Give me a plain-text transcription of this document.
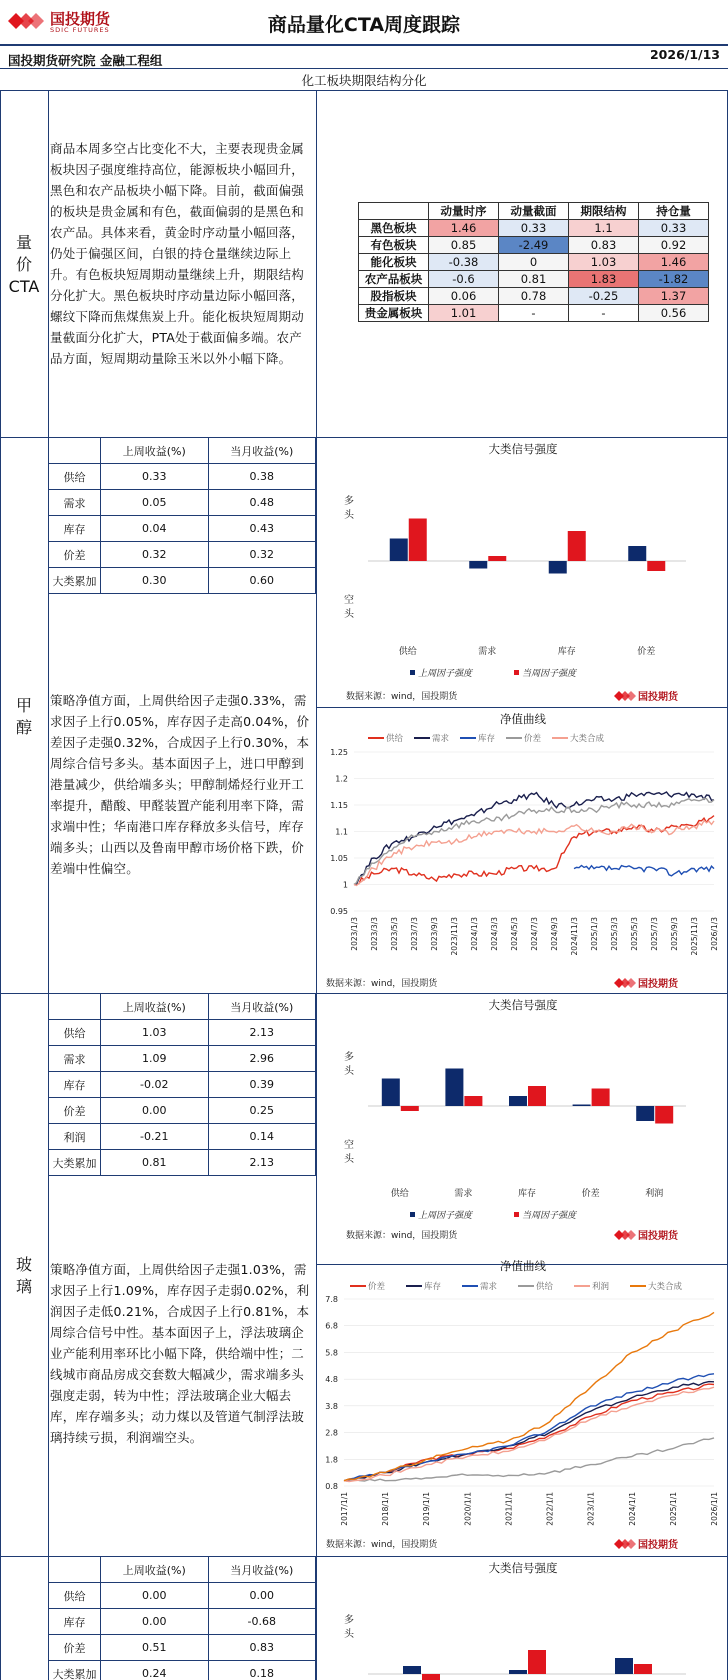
国投期货
SDIC FUTURES	商品量化CTA周度跟踪
国投期货研究院 金融工程组	2026/1/13
化工板块期限结构分化
量
价
CTA
商品本周多空占比变化不大，主要表现贵金属板块因子强度维持高位，能源板块小幅回升，黑色和农产品板块小幅下降。目前，截面偏强的板块是贵金属和有色，截面偏弱的是黑色和农产品。具体来看，黄金时序动量小幅回落，仍处于偏强区间，白银的持仓量继续边际上升。有色板块短周期动量继续上升，期限结构分化扩大。黑色板块时序动量边际小幅回落，螺纹下降而焦煤焦炭上升。能化板块短周期动量截面分化扩大，PTA处于截面偏多端。农产品方面，短周期动量除玉米以外小幅下降。
	动量时序	动量截面	期限结构	持仓量
黑色板块	1.46	0.33	1.1	0.33
有色板块	0.85	-2.49	0.83	0.92
能化板块	-0.38	0	1.03	1.46
农产品板块	-0.6	0.81	1.83	-1.82
股指板块	0.06	0.78	-0.25	1.37
贵金属板块	1.01	-	-	0.56
	上周收益(%)	当月收益(%)
供给	0.33	0.38
需求	0.05	0.48
库存	0.04	0.43
价差	0.32	0.32
大类累加	0.30	0.60
甲
醇
策略净值方面，上周供给因子走强0.33%，需求因子上行0.05%，库存因子走高0.04%，价差因子走强0.32%，合成因子上行0.30%，本周综合信号多头。基本面因子上，进口甲醇到港量减少，供给端多头；甲醇制烯烃行业开工率提升，醋酸、甲醛装置产能利用率下降，需求端中性；华南港口库存释放多头信号，库存端多头；山西以及鲁南甲醇市场价格下跌，价差端中性偏空。
大类信号强度
多
头
空
头
供给	需求	库存	价差
上周因子强度	当周因子强度
数据来源：wind，国投期货	国投期货
净值曲线
0.95
1
1.05
1.1
1.15
1.2
1.25
2023/1/3 2023/3/3 2023/5/3 2023/7/3 2023/9/3 2023/11/3 2024/1/3 2024/3/3 2024/5/3 2024/7/3 2024/9/3 2024/11/3 2025/1/3 2025/3/3 2025/5/3 2025/7/3 2025/9/3 2025/11/3 2026/1/3
供给	需求	库存	价差	大类合成
数据来源：wind，国投期货	国投期货
	上周收益(%)	当月收益(%)
供给	1.03	2.13
需求	1.09	2.96
库存	-0.02	0.39
价差	0.00	0.25
利润	-0.21	0.14
大类累加	0.81	2.13
玻
璃
策略净值方面，上周供给因子走强1.03%，需求因子上行1.09%，库存因子走弱0.02%，利润因子走低0.21%，合成因子上行0.81%，本周综合信号中性。基本面因子上，浮法玻璃企业产能利用率环比小幅下降，供给端中性；二线城市商品房成交套数大幅减少，需求端多头强度走弱，转为中性；浮法玻璃企业大幅去库，库存端多头；动力煤以及管道气制浮法玻璃持续亏损，利润端空头。
大类信号强度
多
头
空
头
供给	需求	库存	价差	利润
上周因子强度	当周因子强度
数据来源：wind，国投期货	国投期货
净值曲线
0.8
1.8
2.8
3.8
4.8
5.8
6.8
7.8
2017/1/1	2018/1/1	2019/1/1	2020/1/1	2021/1/1	2022/1/1	2023/1/1	2024/1/1	2025/1/1	2026/1/1
价差	库存	需求	供给	利润	大类合成
数据来源：wind，国投期货	国投期货
	上周收益(%)	当月收益(%)
供给	0.00	0.00
库存	0.00	-0.68
价差	0.51	0.83
大类累加	0.24	0.18
大类信号强度
多
头
